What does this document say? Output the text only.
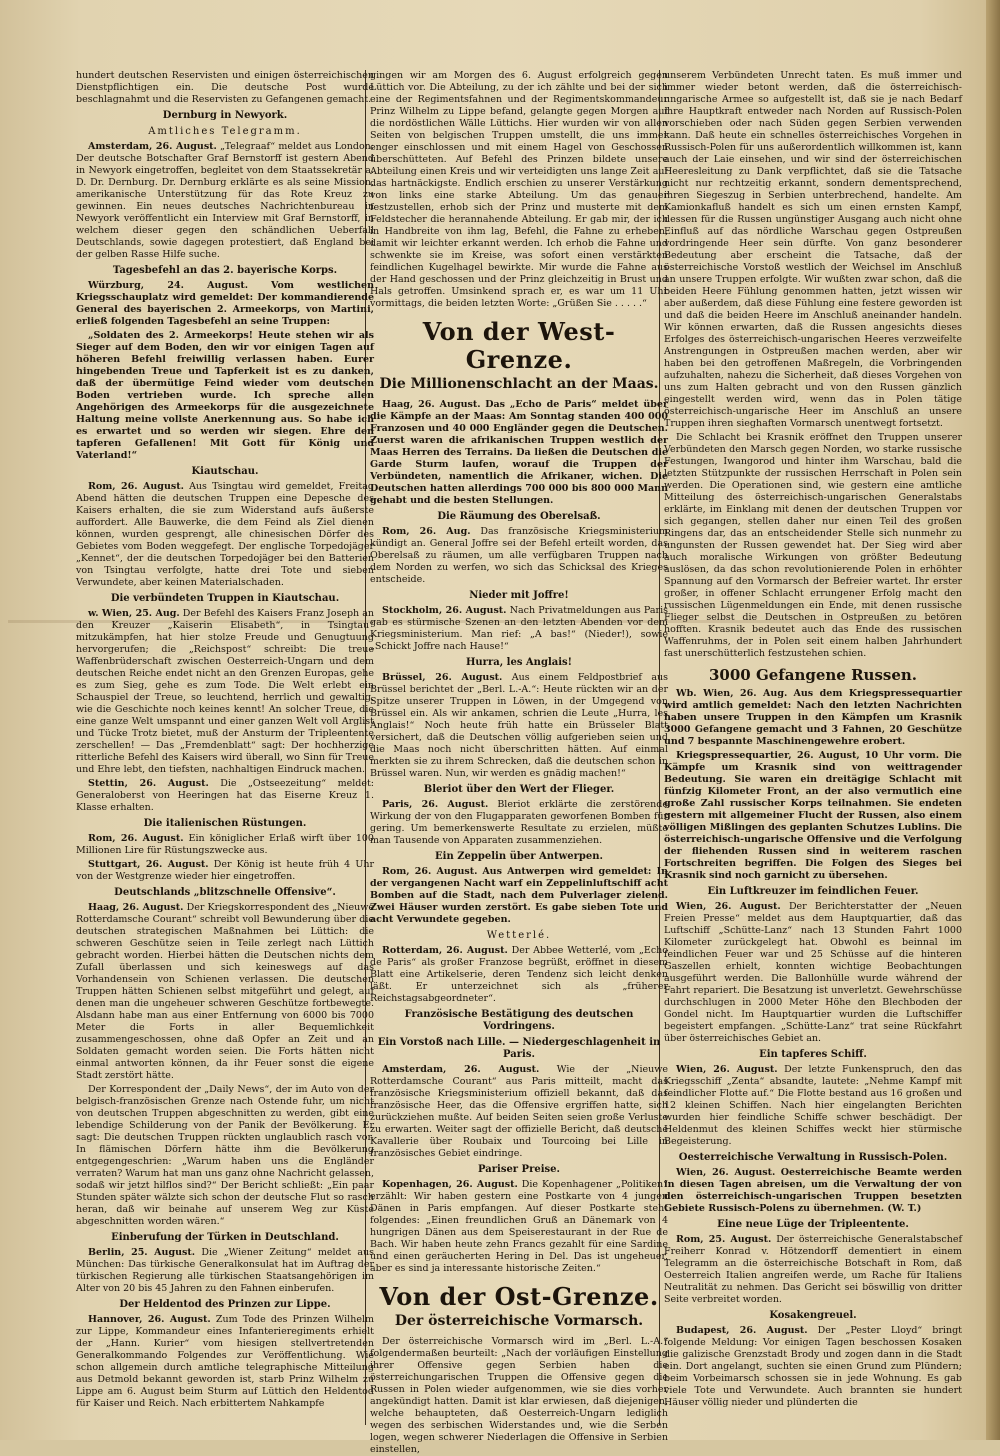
hundert deutschen Reservisten und einigen österreichischen Dienstpflichtigen ein. Die deutsche Post wurde beschlagnahmt und die Reservisten zu Gefangenen gemacht.

Dernburg in Newyork.
Amtliches Telegramm.

Amsterdam, 26. August. „Telegraaf“ meldet aus London: Der deutsche Botschafter Graf Bernstorff ist gestern Abend in Newyork eingetroffen, begleitet von dem Staatssekretär a. D. Dr. Dernburg. Dr. Dernburg erklärte es als seine Mission, amerikanische Unterstützung für das Rote Kreuz zu gewinnen. Ein neues deutsches Nachrichtenbureau in Newyork veröffentlicht ein Interview mit Graf Bernstorff, in welchem dieser gegen den schändlichen Ueberfall Deutschlands, sowie dagegen protestiert, daß England bei der gelben Rasse Hilfe suche.

Tagesbefehl an das 2. bayerische Korps.

Würzburg, 24. August. Vom westlichen Kriegsschauplatz wird gemeldet: Der kommandierende General des bayerischen 2. Armeekorps, von Martini, erließ folgenden Tagesbefehl an seine Truppen:

„Soldaten des 2. Armeekorps! Heute stehen wir als Sieger auf dem Boden, den wir vor einigen Tagen auf höheren Befehl freiwillig verlassen haben. Eurer hingebenden Treue und Tapferkeit ist es zu danken, daß der übermütige Feind wieder vom deutschen Boden vertrieben wurde. Ich spreche allen Angehörigen des Armeekorps für die ausgezeichnete Haltung meine vollste Anerkennung aus. So habe ich es erwartet und so werden wir siegen. Ehre den tapferen Gefallenen! Mit Gott für König und Vaterland!“

Kiautschau.

Rom, 26. August. Aus Tsingtau wird gemeldet, Freitag Abend hätten die deutschen Truppen eine Depesche des Kaisers erhalten, die sie zum Widerstand aufs äußerste auffordert. Alle Bauwerke, die dem Feind als Ziel dienen können, wurden gesprengt, alle chinesischen Dörfer des Gebietes vom Boden weggefegt. Der englische Torpedojäger „Kennet“, der die deutschen Torpedojäger bei den Batterien von Tsingtau verfolgte, hatte drei Tote und sieben Verwundete, aber keinen Materialschaden.

Die verbündeten Truppen in Kiautschau.

w. Wien, 25. Aug. Der Befehl des Kaisers Franz Joseph an den Kreuzer „Kaiserin Elisabeth“, in Tsingtau“ mitzukämpfen, hat hier stolze Freude und Genugtuung hervorgerufen; die „Reichspost“ schreibt: Die treue Waffenbrüderschaft zwischen Oesterreich-Ungarn und dem deutschen Reiche endet nicht an den Grenzen Europas, gehe es zum Sieg, gehe es zum Tode. Die Welt erlebt ein Schauspiel der Treue, so leuchtend, herrlich und gewaltig, wie die Geschichte noch keines kennt! An solcher Treue, die eine ganze Welt umspannt und einer ganzen Welt voll Arglist und Tücke Trotz bietet, muß der Ansturm der Tripleentente zerschellen! — Das „Fremdenblatt“ sagt: Der hochherzige ritterliche Befehl des Kaisers wird überall, wo Sinn für Treue und Ehre lebt, den tiefsten, nachhaltigen Eindruck machen.

Stettin, 26. August. Die „Ostseezeitung“ meldet: Generaloberst von Heeringen hat das Eiserne Kreuz 1. Klasse erhalten.

Die italienischen Rüstungen.

Rom, 26. August. Ein königlicher Erlaß wirft über 100 Millionen Lire für Rüstungszwecke aus.

Stuttgart, 26. August. Der König ist heute früh 4 Uhr von der Westgrenze wieder hier eingetroffen.

Deutschlands „blitzschnelle Offensive“.

Haag, 26. August. Der Kriegskorrespondent des „Nieuwe Rotterdamsche Courant“ schreibt voll Bewunderung über die deutschen strategischen Maßnahmen bei Lüttich: die schweren Geschütze seien in Teile zerlegt nach Lüttich gebracht worden. Hierbei hätten die Deutschen nichts dem Zufall überlassen und sich keineswegs auf das Vorhandensein von Schienen verlassen. Die deutschen Truppen hätten Schienen selbst mitgeführt und gelegt, auf denen man die ungeheuer schweren Geschütze fortbewegte. Alsdann habe man aus einer Entfernung von 6000 bis 7000 Meter die Forts in aller Bequemlichkeit zusammengeschossen, ohne daß Opfer an Zeit und an Soldaten gemacht worden seien. Die Forts hätten nicht einmal antworten können, da ihr Feuer sonst die eigene Stadt zerstört hätte.

Der Korrespondent der „Daily News“, der im Auto von der belgisch-französischen Grenze nach Ostende fuhr, um nicht von deutschen Truppen abgeschnitten zu werden, gibt eine lebendige Schilderung von der Panik der Bevölkerung. Er sagt: Die deutschen Truppen rückten unglaublich rasch vor. In flämischen Dörfern hätte ihm die Bevölkerung entgegengeschrien: „Warum haben uns die Engländer verraten? Warum hat man uns ganz ohne Nachricht gelassen, sodaß wir jetzt hilflos sind?“ Der Bericht schließt: „Ein paar Stunden später wälzte sich schon der deutsche Flut so rasch heran, daß wir beinahe auf unserem Weg zur Küste abgeschnitten worden wären.“

Einberufung der Türken in Deutschland.

Berlin, 25. August. Die „Wiener Zeitung“ meldet aus München: Das türkische Generalkonsulat hat im Auftrag der türkischen Regierung alle türkischen Staatsangehörigen im Alter von 20 bis 45 Jahren zu den Fahnen einberufen.

Der Heldentod des Prinzen zur Lippe.

Hannover, 26. August. Zum Tode des Prinzen Wilhelm zur Lippe, Kommandeur eines Infanterieregiments erhielt der „Hann. Kurier“ vom hiesigen stellvertretenden Generalkommando Folgendes zur Veröffentlichung. Wie schon allgemein durch amtliche telegraphische Mitteilung aus Detmold bekannt geworden ist, starb Prinz Wilhelm zu Lippe am 6. August beim Sturm auf Lüttich den Heldentod für Kaiser und Reich. Nach erbittertem Nahkampfe

gingen wir am Morgen des 6. August erfolgreich gegen Lüttich vor. Die Abteilung, zu der ich zählte und bei der sich eine der Regimentsfahnen und der Regimentskommandeur Prinz Wilhelm zu Lippe befand, gelangte gegen Morgen auf die nordöstlichen Wälle Lüttichs. Hier wurden wir von allen Seiten von belgischen Truppen umstellt, die uns immer enger einschlossen und mit einem Hagel von Geschossen überschütteten. Auf Befehl des Prinzen bildete unsere Abteilung einen Kreis und wir verteidigten uns lange Zeit auf das hartnäckigste. Endlich erschien zu unserer Verstärkung von links eine starke Abteilung. Um das genauer festzustellen, erhob sich der Prinz und musterte mit dem Feldstecher die herannahende Abteilung. Er gab mir, der ich in Handbreite von ihm lag, Befehl, die Fahne zu erheben, damit wir leichter erkannt werden. Ich erhob die Fahne und schwenkte sie im Kreise, was sofort einen verstärkten feindlichen Kugelhagel bewirkte. Mir wurde die Fahne aus der Hand geschossen und der Prinz gleichzeitig in Brust und Hals getroffen. Umsinkend sprach er, es war um 11 Uhr vormittags, die beiden letzten Worte: „Grüßen Sie . . . . .“

Von der West-Grenze.
Die Millionenschlacht an der Maas.

Haag, 26. August. Das „Echo de Paris“ meldet über die Kämpfe an der Maas: Am Sonntag standen 400 000 Franzosen und 40 000 Engländer gegen die Deutschen. Zuerst waren die afrikanischen Truppen westlich der Maas Herren des Terrains. Da ließen die Deutschen die Garde Sturm laufen, worauf die Truppen der Verbündeten, namentlich die Afrikaner, wichen. Die Deutschen hatten allerdings 700 000 bis 800 000 Mann gehabt und die besten Stellungen.

Die Räumung des Oberelsaß.

Rom, 26. Aug. Das französische Kriegsministerium kündigt an. General Joffre sei der Befehl erteilt worden, das Oberelsaß zu räumen, um alle verfügbaren Truppen nach dem Norden zu werfen, wo sich das Schicksal des Krieges entscheide.

Nieder mit Joffre!

Stockholm, 26. August. Nach Privatmeldungen aus Paris gab es stürmische Szenen an den letzten Abenden vor dem Kriegsministerium. Man rief: „A bas!“ (Nieder!), sowie „Schickt Joffre nach Hause!“

Hurra, les Anglais!

Brüssel, 26. August. Aus einem Feldpostbrief aus Brüssel berichtet der „Berl. L.-A.“: Heute rückten wir an der Spitze unserer Truppen in Löwen, in der Umgegend von Brüssel ein. Als wir ankamen, schrien die Leute „Hurra, les Anglais!“ Noch heute früh hatte ein Brüsseler Blatt versichert, daß die Deutschen völlig aufgerieben seien und die Maas noch nicht überschritten hätten. Auf einmal merkten sie zu ihrem Schrecken, daß die deutschen schon in Brüssel waren. Nun, wir werden es gnädig machen!“

Bleriot über den Wert der Flieger.

Paris, 26. August. Bleriot erklärte die zerstörende Wirkung der von den Flugapparaten geworfenen Bomben für gering. Um bemerkenswerte Resultate zu erzielen, müßte man Tausende von Apparaten zusammenziehen.

Ein Zeppelin über Antwerpen.

Rom, 26. August. Aus Antwerpen wird gemeldet: In der vergangenen Nacht warf ein Zeppelinluftschiff acht Bomben auf die Stadt, nach dem Pulverlager zielend. Zwei Häuser wurden zerstört. Es gabe sieben Tote und acht Verwundete gegeben.

Wetterlé.

Rotterdam, 26. August. Der Abbee Wetterlé, vom „Echo de Paris“ als großer Franzose begrüßt, eröffnet in diesem Blatt eine Artikelserie, deren Tendenz sich leicht denken läßt. Er unterzeichnet sich als „früherer Reichstagsabgeordneter“.

Französische Bestätigung des deutschen Vordringens.
Ein Vorstoß nach Lille. — Niedergeschlagenheit in Paris.

Amsterdam, 26. August. Wie der „Nieuwe Rotterdamsche Courant“ aus Paris mitteilt, macht das französische Kriegsministerium offiziell bekannt, daß das französische Heer, das die Offensive ergriffen hatte, sich zurückziehen mußte. Auf beiden Seiten seien große Verluste zu erwarten. Weiter sagt der offizielle Bericht, daß deutsche Kavallerie über Roubaix und Tourcoing bei Lille in französisches Gebiet eindringe.

Pariser Preise.

Kopenhagen, 26. August. Die Kopenhagener „Politiken“ erzählt: Wir haben gestern eine Postkarte von 4 jungen Dänen in Paris empfangen. Auf dieser Postkarte steht folgendes: „Einen freundlichen Gruß an Dänemark von 4 hungrigen Dänen aus dem Speiserestaurant in der Rue de Bach. Wir haben heute zehn Francs gezahlt für eine Sardine und einen geräucherten Hering in Del. Das ist ungeheuer, aber es sind ja interessante historische Zeiten.“

Von der Ost-Grenze.
Der österreichische Vormarsch.

Der österreichische Vormarsch wird im „Berl. L.-A.“ folgendermaßen beurteilt: „Nach der vorläufigen Einstellung ihrer Offensive gegen Serbien haben die österreichungarischen Truppen die Offensive gegen die Russen in Polen wieder aufgenommen, wie sie dies vorher angekündigt hatten. Damit ist klar erwiesen, daß diejenigen, welche behaupteten, daß Oesterreich-Ungarn lediglich wegen des serbischen Widerstandes und, wie die Serben logen, wegen schwerer Niederlagen die Offensive in Serbien einstellen,

unserem Verbündeten Unrecht taten. Es muß immer und immer wieder betont werden, daß die österreichisch-ungarische Armee so aufgestellt ist, daß sie je nach Bedarf ihre Hauptkraft entweder nach Norden auf Russisch-Polen vorschieben oder nach Süden gegen Serbien verwenden kann. Daß heute ein schnelles österreichisches Vorgehen in Russisch-Polen für uns außerordentlich willkommen ist, kann auch der Laie einsehen, und wir sind der österreichischen Heeresleitung zu Dank verpflichtet, daß sie die Tatsache nicht nur rechtzeitig erkannt, sondern dementsprechend, ihren Siegeszug in Serbien unterbrechend, handelte. Am Kamionkafluß handelt es sich um einen ernsten Kampf, dessen für die Russen ungünstiger Ausgang auch nicht ohne Einfluß auf das nördliche Warschau gegen Ostpreußen vordringende Heer sein dürfte. Von ganz besonderer Bedeutung aber erscheint die Tatsache, daß der österreichische Vorstoß westlich der Weichsel im Anschluß an unsere Truppen erfolgte. Wir wußten zwar schon, daß die beiden Heere Fühlung genommen hatten, jetzt wissen wir aber außerdem, daß diese Fühlung eine festere geworden ist und daß die beiden Heere im Anschluß aneinander handeln. Wir können erwarten, daß die Russen angesichts dieses Erfolges des österreichisch-ungarischen Heeres verzweifelte Anstrengungen in Ostpreußen machen werden, aber wir haben bei den getroffenen Maßregeln, die Vorbringenden aufzuhalten, nahezu die Sicherheit, daß dieses Vorgehen von uns zum Halten gebracht und von den Russen gänzlich eingestellt werden wird, wenn das in Polen tätige österreichisch-ungarische Heer im Anschluß an unsere Truppen ihren sieghaften Vormarsch unentwegt fortsetzt.

Die Schlacht bei Krasnik eröffnet den Truppen unserer Verbündeten den Marsch gegen Norden, wo starke russische Festungen, Iwangorod und hinter ihm Warschau, bald die letzten Stützpunkte der russischen Herrschaft in Polen sein werden. Die Operationen sind, wie gestern eine amtliche Mitteilung des österreichisch-ungarischen Generalstabs erklärte, im Einklang mit denen der deutschen Truppen vor sich gegangen, stellen daher nur einen Teil des großen Ringens dar, das an entscheidender Stelle sich nunmehr zu ungunsten der Russen gewendet hat. Der Sieg wird aber auch moralische Wirkungen von größter Bedeutung auslösen, da das schon revolutionierende Polen in erhöhter Spannung auf den Vormarsch der Befreier wartet. Ihr erster großer, in offener Schlacht errungener Erfolg macht den russischen Lügenmeldungen ein Ende, mit denen russische Flieger selbst die Deutschen in Ostpreußen zu betören hofften. Krasnik bedeutet auch das Ende des russischen Waffenruhms, der in Polen seit einem halben Jahrhundert fast unerschütterlich festzustehen schien.

3000 Gefangene Russen.

Wb. Wien, 26. Aug. Aus dem Kriegspressequartier wird amtlich gemeldet: Nach den letzten Nachrichten haben unsere Truppen in den Kämpfen um Krasnik 3000 Gefangene gemacht und 3 Fahnen, 20 Geschütze und 7 bespannte Maschinengewehre erobert.

Kriegspressequartier, 26. August, 10 Uhr vorm. Die Kämpfe um Krasnik sind von weittragender Bedeutung. Sie waren ein dreitägige Schlacht mit fünfzig Kilometer Front, an der also vermutlich eine große Zahl russischer Korps teilnahmen. Sie endeten gestern mit allgemeiner Flucht der Russen, also einem völligen Mißlingen des geplanten Schutzes Lublins. Die österreichisch-ungarische Offensive und die Verfolgung der fliehenden Russen sind in weiterem raschen Fortschreiten begriffen. Die Folgen des Sieges bei Krasnik sind noch garnicht zu übersehen.

Ein Luftkreuzer im feindlichen Feuer.

Wien, 26. August. Der Berichterstatter der „Neuen Freien Presse“ meldet aus dem Hauptquartier, daß das Luftschiff „Schütte-Lanz“ nach 13 Stunden Fahrt 1000 Kilometer zurückgelegt hat. Obwohl es beinnal im feindlichen Feuer war und 25 Schüsse auf die hinteren Gaszellen erhielt, konnten wichtige Beobachtungen ausgeführt werden. Die Ballonhülle wurde während der Fahrt repariert. Die Besatzung ist unverletzt. Gewehrschüsse durchschlugen in 2000 Meter Höhe den Blechboden der Gondel nicht. Im Hauptquartier wurden die Luftschiffer begeistert empfangen. „Schütte-Lanz“ trat seine Rückfahrt über österreichisches Gebiet an.

Ein tapferes Schiff.

Wien, 26. August. Der letzte Funkenspruch, den das Kriegsschiff „Zenta“ absandte, lautete: „Nehme Kampf mit feindlicher Flotte auf.“ Die Flotte bestand aus 16 großen und 12 kleinen Schiffen. Nach hier eingelangten Berichten wurden hier feindliche Schiffe schwer beschädigt. Der Heldenmut des kleinen Schiffes weckt hier stürmische Begeisterung.

Oesterreichische Verwaltung in Russisch-Polen.

Wien, 26. August. Oesterreichische Beamte werden in diesen Tagen abreisen, um die Verwaltung der von den österreichisch-ungarischen Truppen besetzten Gebiete Russisch-Polens zu übernehmen. (W. T.)

Eine neue Lüge der Tripleentente.

Rom, 25. August. Der österreichische Generalstabschef Freiherr Konrad v. Hötzendorff dementiert in einem Telegramm an die österreichische Botschaft in Rom, daß Oesterreich Italien angreifen werde, um Rache für Italiens Neutralität zu nehmen. Das Gericht sei böswillig von dritter Seite verbreitet worden.

Kosakengreuel.

Budapest, 26. August. Der „Pester Lloyd“ bringt folgende Meldung: Vor einigen Tagen beschossen Kosaken die galizische Grenzstadt Brody und zogen dann in die Stadt ein. Dort angelangt, suchten sie einen Grund zum Plündern; beim Vorbeimarsch schossen sie in jede Wohnung. Es gab viele Tote und Verwundete. Auch brannten sie hundert Häuser völlig nieder und plünderten die
